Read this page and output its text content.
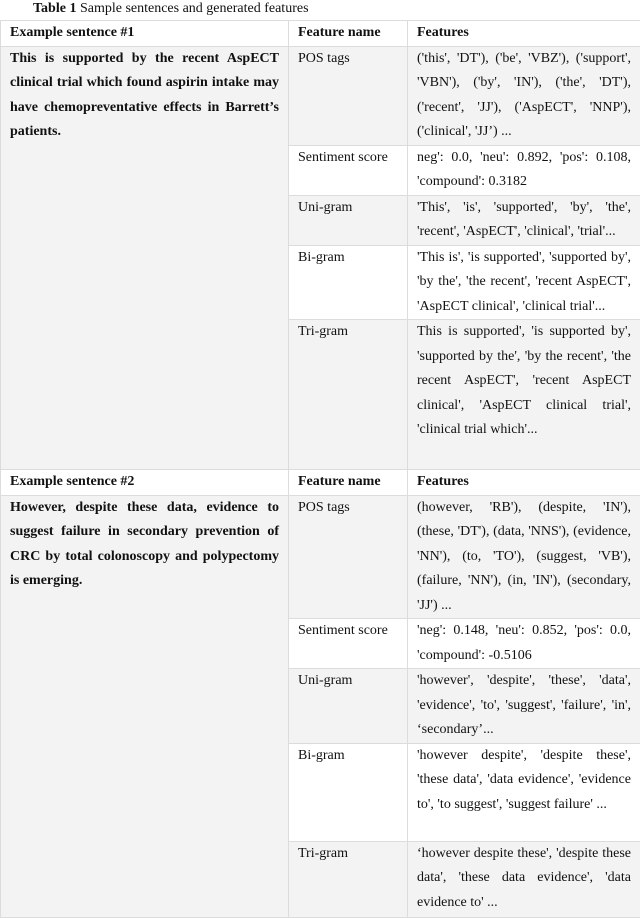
Table 1 Sample sentences and generated features
Example sentence #1	Feature name	Features
This is supported by the recent AspECT clinical trial which found aspirin intake may have chemopreventative effects in Barrett’s patients.	POS tags	('this', 'DT'), ('be', 'VBZ'), ('support', 'VBN'), ('by', 'IN'), ('the', 'DT'), ('recent', 'JJ'), ('AspECT', 'NNP'), ('clinical', 'JJ’) ...
	Sentiment score	neg': 0.0, 'neu': 0.892, 'pos': 0.108, 'compound': 0.3182
	Uni-gram	'This', 'is', 'supported', 'by', 'the', 'recent', 'AspECT', 'clinical', 'trial'...
	Bi-gram	'This is', 'is supported', 'supported by', 'by the', 'the recent', 'recent AspECT', 'AspECT clinical', 'clinical trial'...
	Tri-gram	This is supported', 'is supported by', 'supported by the', 'by the recent', 'the recent AspECT', 'recent AspECT clinical', 'AspECT clinical trial', 'clinical trial which'...
Example sentence #2	Feature name	Features
However, despite these data, evidence to suggest failure in secondary prevention of CRC by total colonoscopy and polypectomy is emerging.	POS tags	(however, 'RB'), (despite, 'IN'), (these, 'DT'), (data, 'NNS'), (evidence, 'NN'), (to, 'TO'), (suggest, 'VB'), (failure, 'NN'), (in, 'IN'), (secondary, 'JJ') ...
	Sentiment score	'neg': 0.148, 'neu': 0.852, 'pos': 0.0, 'compound': -0.5106
	Uni-gram	'however', 'despite', 'these', 'data', 'evidence', 'to', 'suggest', 'failure', 'in', ‘secondary’...
	Bi-gram	'however despite', 'despite these', 'these data', 'data evidence', 'evidence to', 'to suggest', 'suggest failure' ...
	Tri-gram	‘however despite these', 'despite these data', 'these data evidence', 'data evidence to' ...
